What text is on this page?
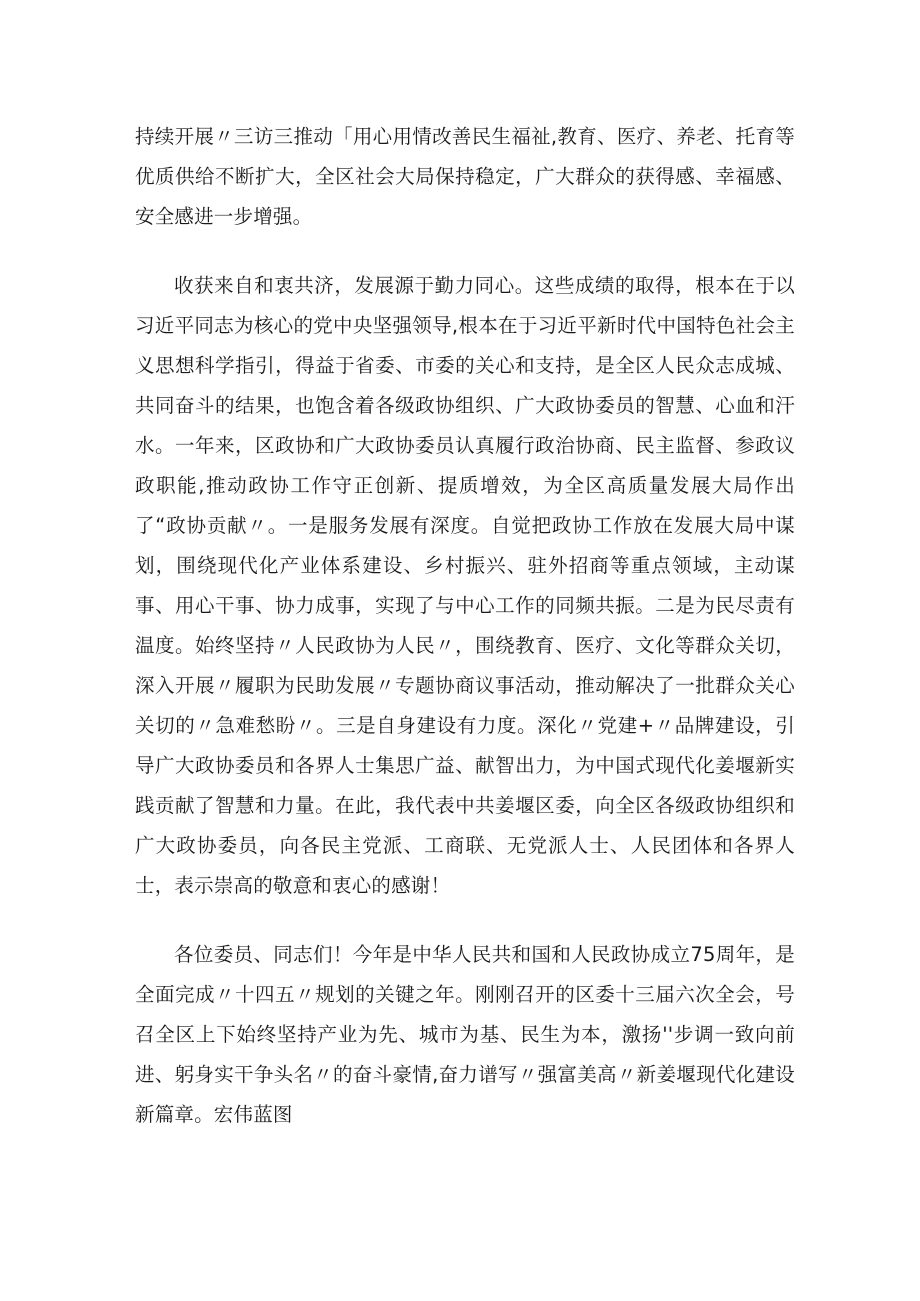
持续开展〃三访三推动「用心用情改善民生福祉,教育、医疗、养老、托育等优质供给不断扩大，全区社会大局保持稳定，广大群众的获得感、幸福感、安全感进一步增强。

收获来自和衷共济，发展源于勤力同心。这些成绩的取得，根本在于以习近平同志为核心的党中央坚强领导,根本在于习近平新时代中国特色社会主义思想科学指引，得益于省委、市委的关心和支持，是全区人民众志成城、共同奋斗的结果，也饱含着各级政协组织、广大政协委员的智慧、心血和汗水。一年来，区政协和广大政协委员认真履行政治协商、民主监督、参政议政职能,推动政协工作守正创新、提质增效，为全区高质量发展大局作出了“政协贡献〃。一是服务发展有深度。自觉把政协工作放在发展大局中谋划，围绕现代化产业体系建设、乡村振兴、驻外招商等重点领域，主动谋事、用心干事、协力成事，实现了与中心工作的同频共振。二是为民尽责有温度。始终坚持〃人民政协为人民〃，围绕教育、医疗、文化等群众关切，深入开展〃履职为民助发展〃专题协商议事活动，推动解决了一批群众关心关切的〃急难愁盼〃。三是自身建设有力度。深化〃党建+〃品牌建设，引导广大政协委员和各界人士集思广益、献智出力，为中国式现代化姜堰新实践贡献了智慧和力量。在此，我代表中共姜堰区委，向全区各级政协组织和广大政协委员，向各民主党派、工商联、无党派人士、人民团体和各界人士，表示崇高的敬意和衷心的感谢！

各位委员、同志们！今年是中华人民共和国和人民政协成立75周年，是全面完成〃十四五〃规划的关键之年。刚刚召开的区委十三届六次全会，号召全区上下始终坚持产业为先、城市为基、民生为本，激扬''步调一致向前进、躬身实干争头名〃的奋斗豪情,奋力谱写〃强富美高〃新姜堰现代化建设新篇章。宏伟蓝图
